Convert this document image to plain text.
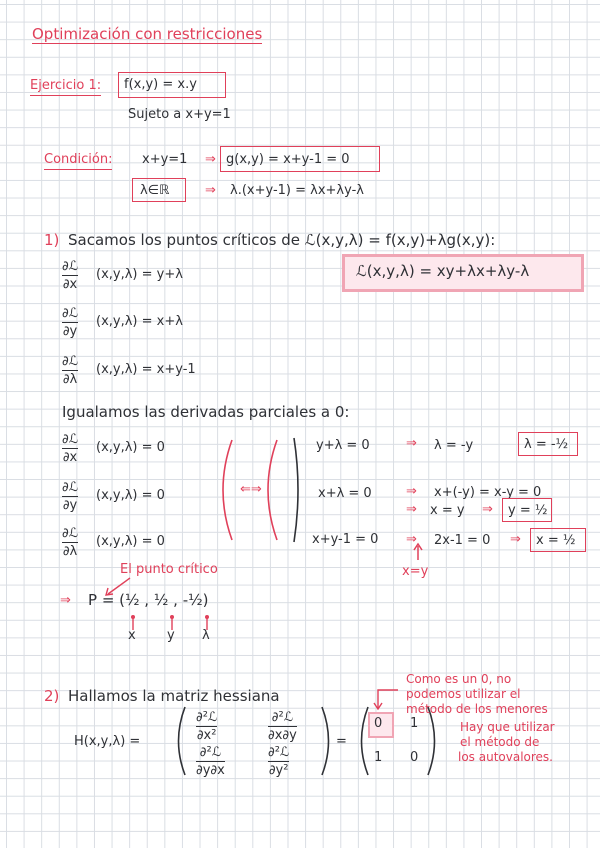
Optimización con restricciones
Ejercicio 1: f(x,y) = x.y
Sujeto a x+y=1
Condición: x+y=1 ⇒ g(x,y) = x+y-1 = 0
λ∈ℝ	⇒ λ.(x+y-1) = λx+λy-λ
1) Sacamos los puntos críticos de ℒ(x,y,λ) = f(x,y)+λg(x,y):
ℒ(x,y,λ) = xy+λx+λy-λ
∂ℒ
∂x
(x,y,λ) = y+λ
∂ℒ
∂y
(x,y,λ) = x+λ
∂ℒ
∂λ
(x,y,λ) = x+y-1
Igualamos las derivadas parciales a 0:
∂ℒ
∂x
(x,y,λ) = 0
∂ℒ
∂y
(x,y,λ) = 0
∂ℒ
∂λ
(x,y,λ) = 0
⇐⇒
y+λ = 0
x+λ = 0
x+y-1 = 0
⇒ λ = -y	λ = -½
⇒ x+(-y) = x-y = 0
⇒ x = y ⇒ y = ½
⇒ 2x-1 = 0 ⇒ x = ½
x=y
El punto crítico
⇒ P = (½ , ½ , -½)
x y λ
2) Hallamos la matriz hessiana
H(x,y,λ) =
∂²ℒ
∂x²
∂²ℒ
∂x∂y
∂²ℒ
∂y∂x
∂²ℒ
∂y²
=
0 1
1 0
Como es un 0, no
podemos utilizar el
método de los menores
Hay que utilizar
el método de
los autovalores.
